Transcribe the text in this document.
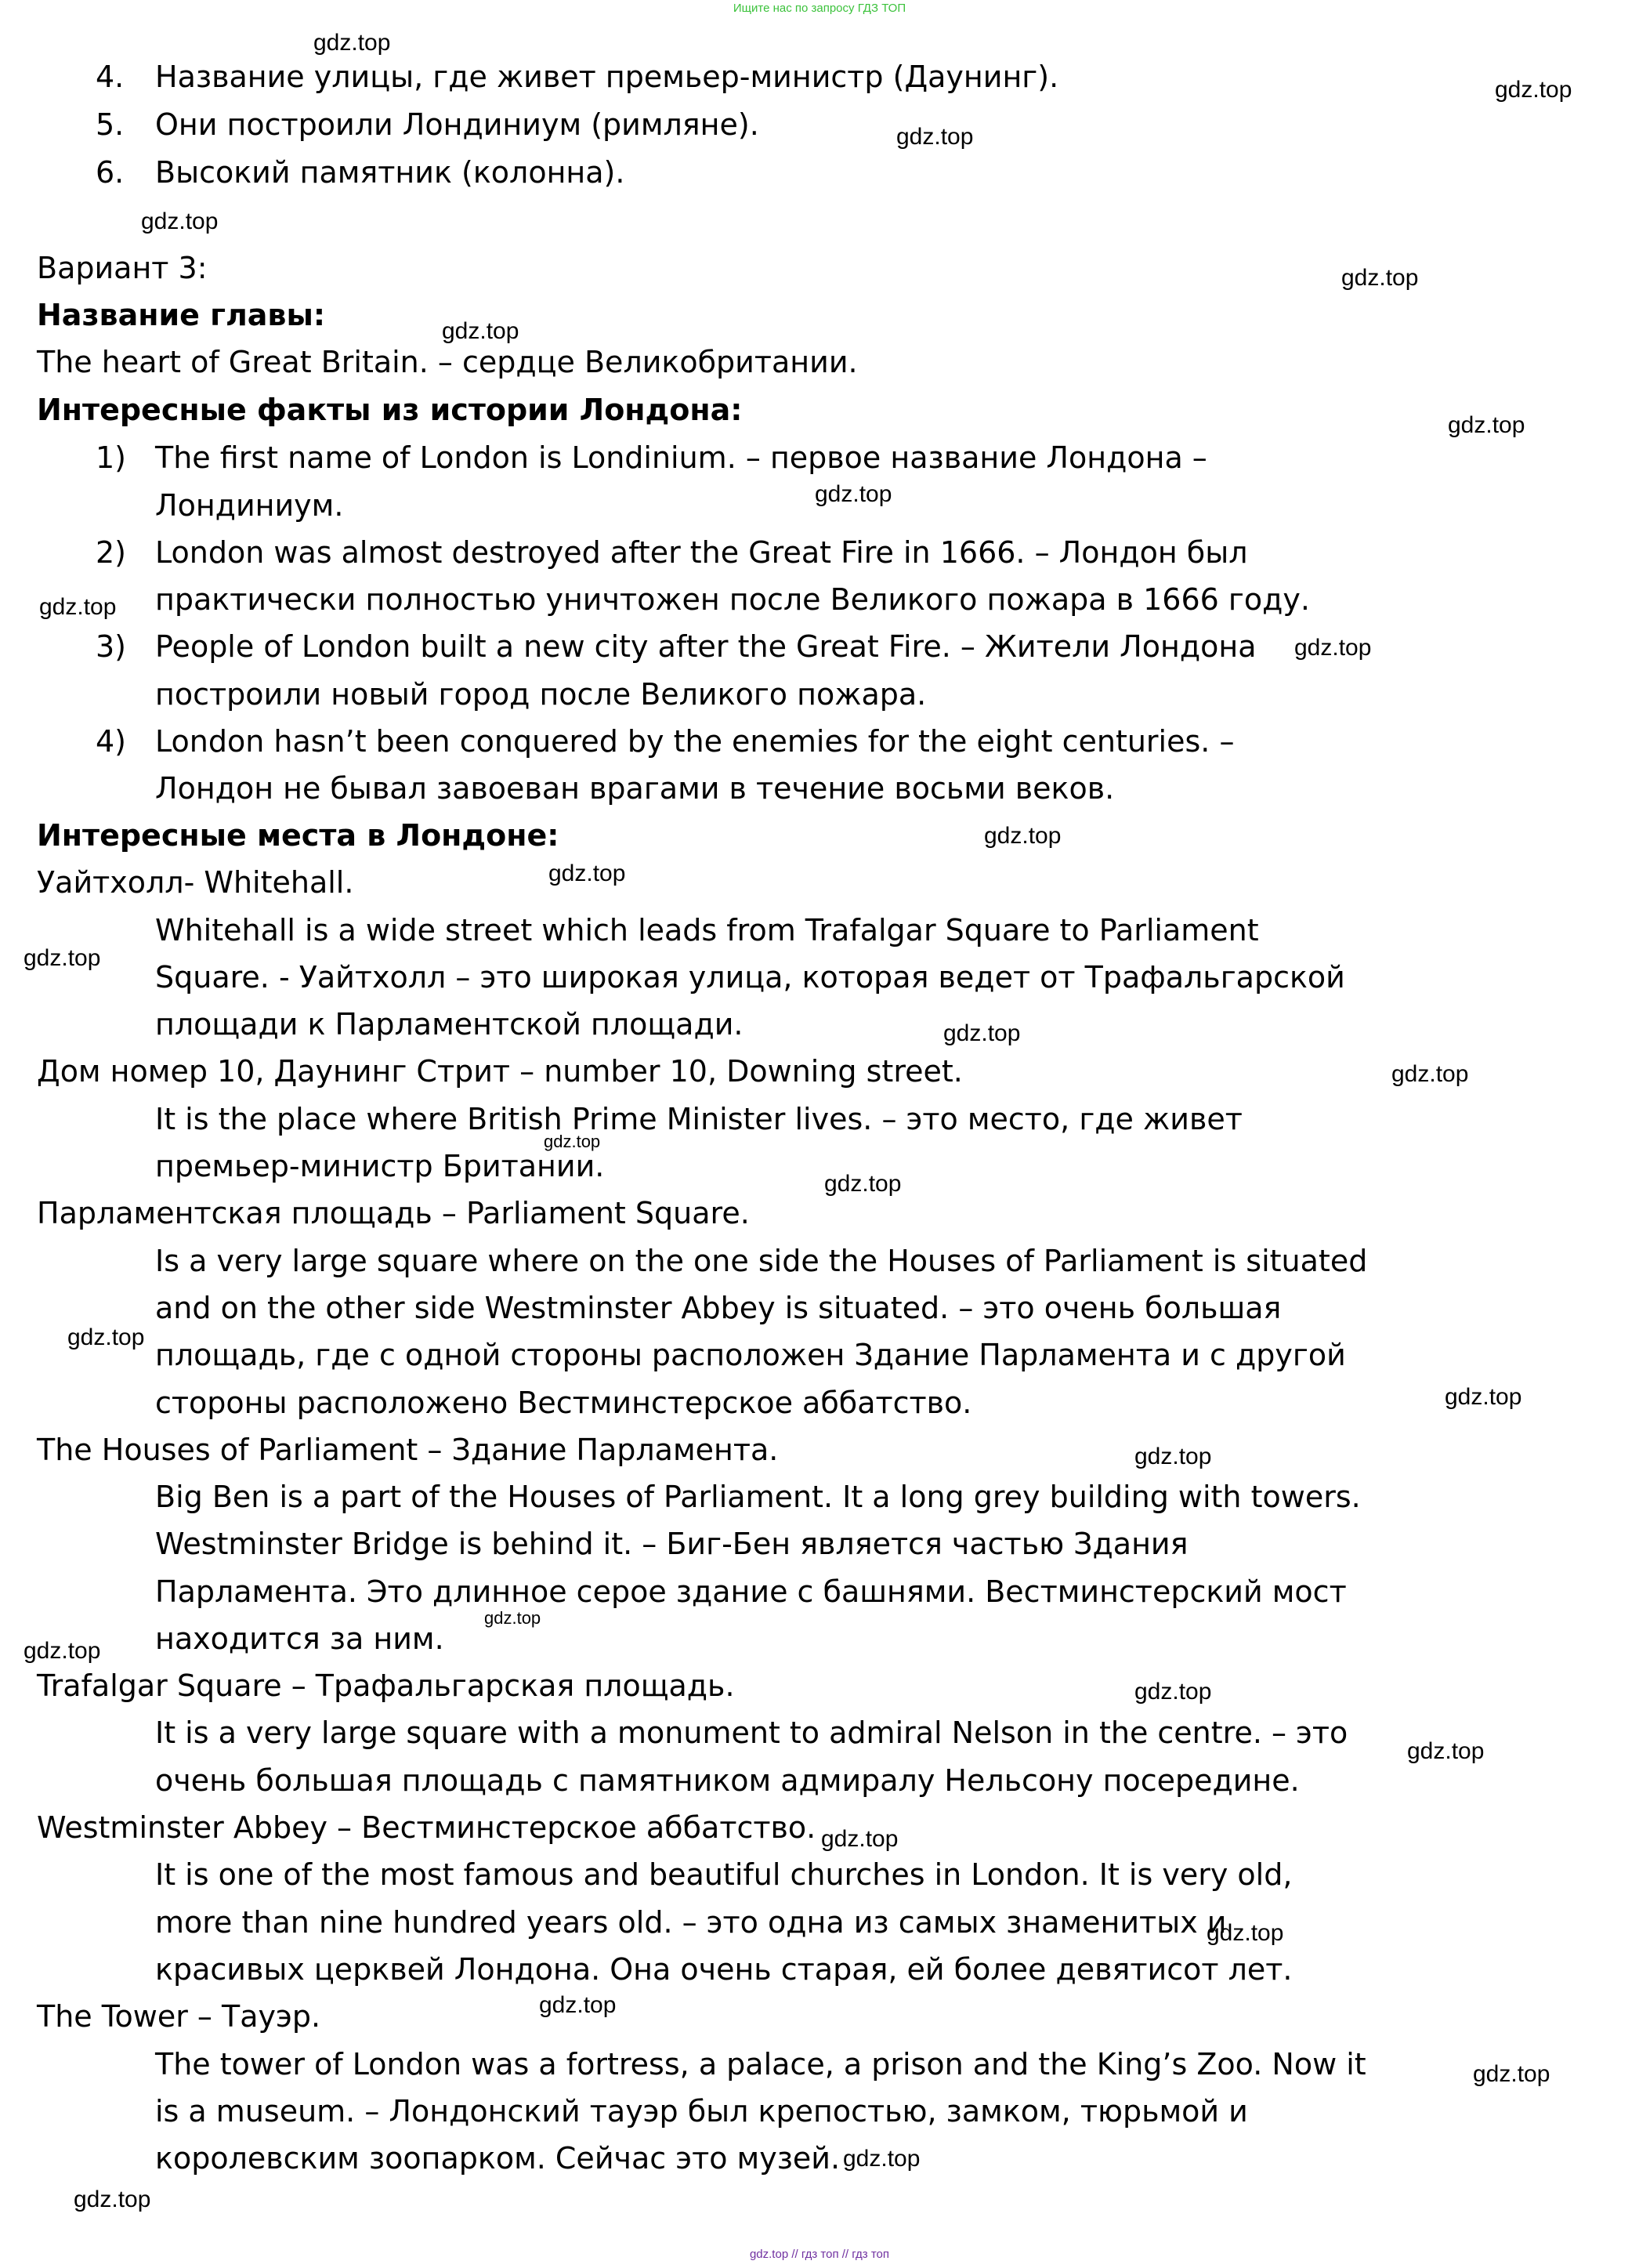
Ищите нас по запросу ГДЗ ТОП
4. Название улицы, где живет премьер-министр (Даунинг).
5. Они построили Лондиниум (римляне).
6. Высокий памятник (колонна).
Вариант 3:
Название главы:
The heart of Great Britain. – сердце Великобритании.
Интересные факты из истории Лондона:
1) The first name of London is Londinium. – первое название Лондона –
Лондиниум.
2) London was almost destroyed after the Great Fire in 1666. – Лондон был
практически полностью уничтожен после Великого пожара в 1666 году.
3) People of London built a new city after the Great Fire. – Жители Лондона
построили новый город после Великого пожара.
4) London hasn’t been conquered by the enemies for the eight centuries. –
Лондон не бывал завоеван врагами в течение восьми веков.
Интересные места в Лондоне:
Уайтхолл- Whitehall.
Whitehall is a wide street which leads from Trafalgar Square to Parliament
Square. - Уайтхолл – это широкая улица, которая ведет от Трафальгарской
площади к Парламентской площади.
Дом номер 10, Даунинг Стрит – number 10, Downing street.
It is the place where British Prime Minister lives. – это место, где живет
премьер-министр Британии.
Парламентская площадь – Parliament Square.
Is a very large square where on the one side the Houses of Parliament is situated
and on the other side Westminster Abbey is situated. – это очень большая
площадь, где с одной стороны расположен Здание Парламента и с другой
стороны расположено Вестминстерское аббатство.
The Houses of Parliament – Здание Парламента.
Big Ben is a part of the Houses of Parliament. It a long grey building with towers.
Westminster Bridge is behind it. – Биг-Бен является частью Здания
Парламента. Это длинное серое здание с башнями. Вестминстерский мост
находится за ним.
Trafalgar Square – Трафальгарская площадь.
It is a very large square with a monument to admiral Nelson in the centre. – это
очень большая площадь с памятником адмиралу Нельсону посередине.
Westminster Abbey – Вестминстерское аббатство.
It is one of the most famous and beautiful churches in London. It is very old,
more than nine hundred years old. – это одна из самых знаменитых и
красивых церквей Лондона. Она очень старая, ей более девятисот лет.
The Tower – Тауэр.
The tower of London was a fortress, a palace, a prison and the King’s Zoo. Now it
is a museum. – Лондонский тауэр был крепостью, замком, тюрьмой и
королевским зоопарком. Сейчас это музей.
gdz.top
gdz.top
gdz.top
gdz.top
gdz.top
gdz.top
gdz.top
gdz.top
gdz.top
gdz.top
gdz.top
gdz.top
gdz.top
gdz.top
gdz.top
gdz.top
gdz.top
gdz.top
gdz.top
gdz.top
gdz.top
gdz.top
gdz.top
gdz.top
gdz.top
gdz.top
gdz.top
gdz.top
gdz.top
gdz.top
gdz.top // гдз топ // гдз топ
